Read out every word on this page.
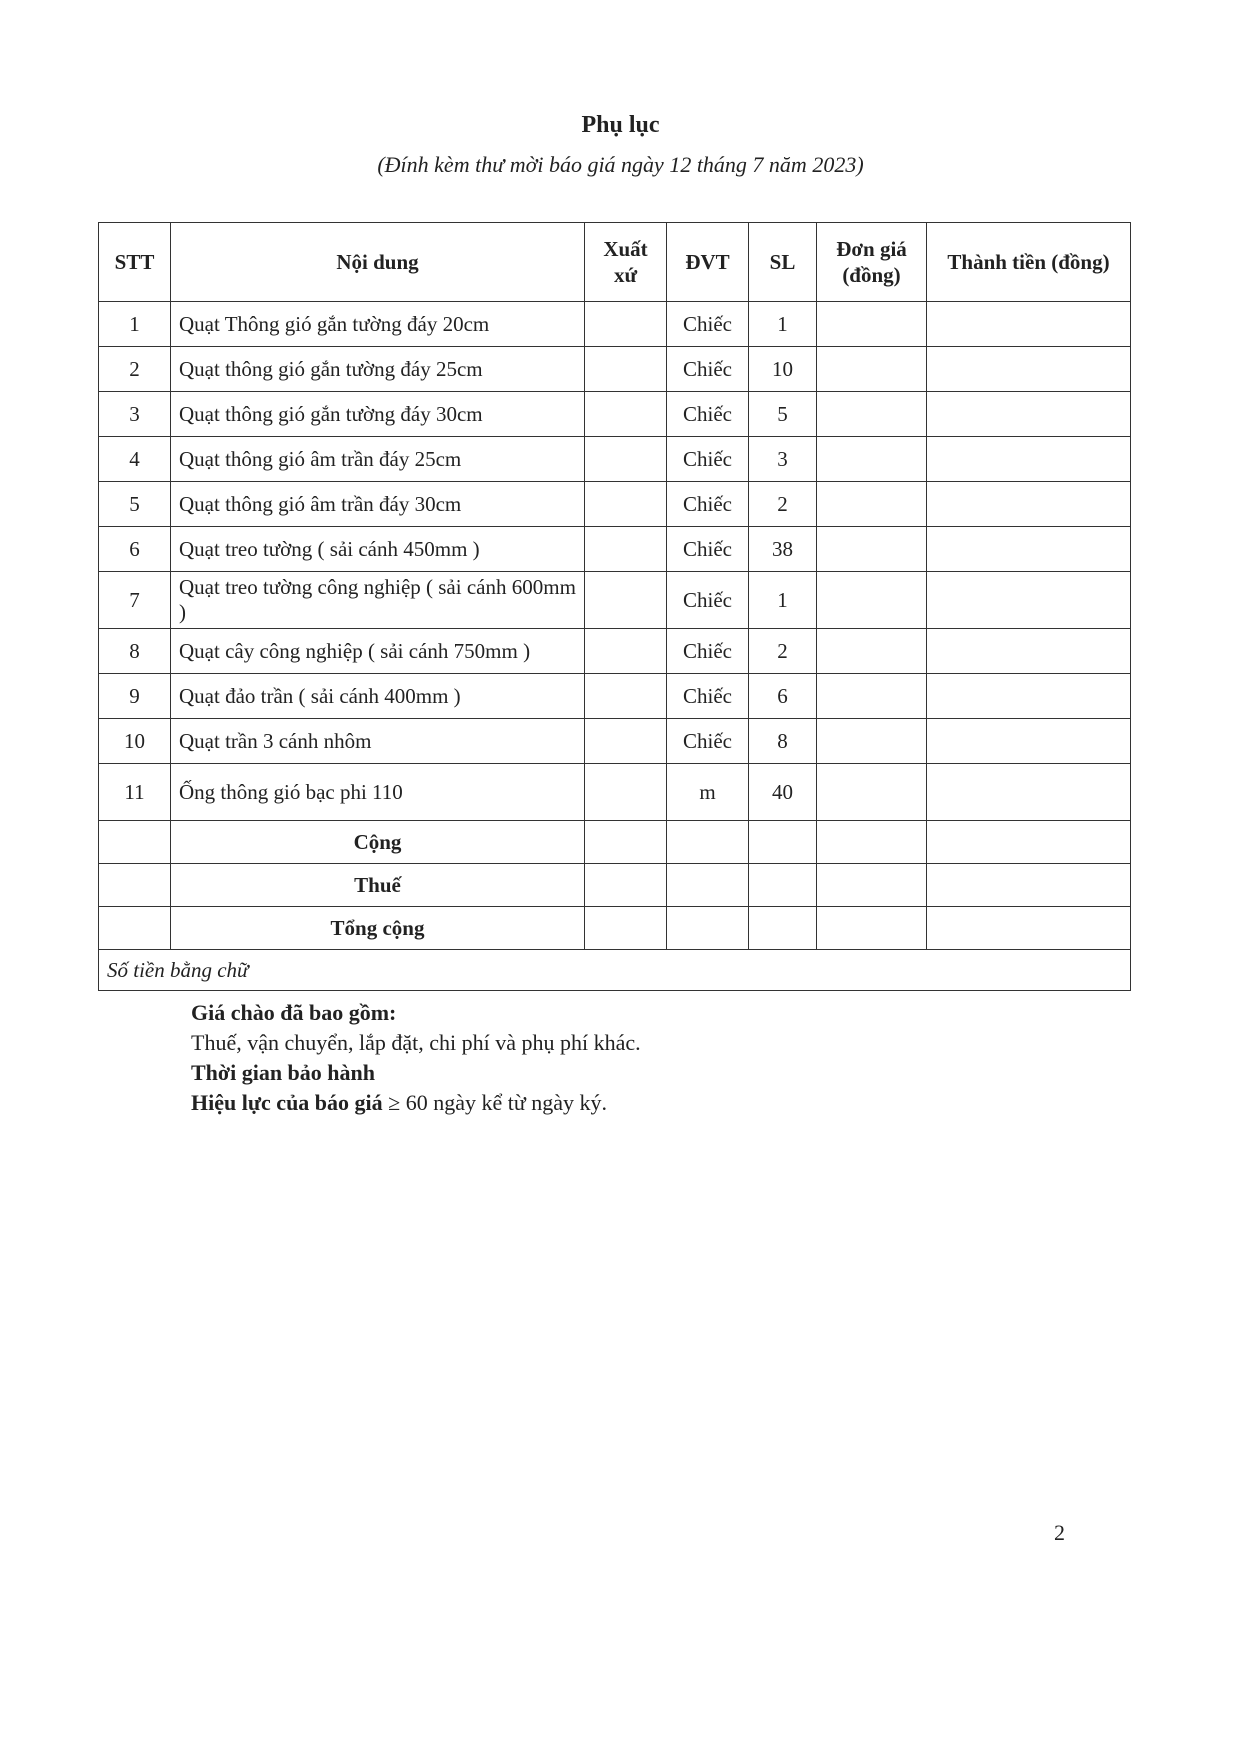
Phụ lục
(Đính kèm thư mời báo giá ngày 12 tháng 7 năm 2023)
STT	Nội dung	Xuất xứ	ĐVT	SL	Đơn giá (đồng)	Thành tiền (đồng)
1	Quạt Thông gió gắn tường đáy 20cm		Chiếc	1		
2	Quạt thông gió gắn tường đáy 25cm		Chiếc	10		
3	Quạt thông gió gắn tường đáy 30cm		Chiếc	5		
4	Quạt thông gió âm trần đáy 25cm		Chiếc	3		
5	Quạt thông gió âm trần đáy 30cm		Chiếc	2		
6	Quạt treo tường ( sải cánh 450mm )		Chiếc	38		
7	Quạt treo tường công nghiệp ( sải cánh 600mm )		Chiếc	1		
8	Quạt cây công nghiệp ( sải cánh 750mm )		Chiếc	2		
9	Quạt đảo trần ( sải cánh 400mm )		Chiếc	6		
10	Quạt trần 3 cánh nhôm		Chiếc	8		
11	Ống thông gió bạc phi 110		m	40		
	Cộng					
	Thuế					
	Tổng cộng					
Số tiền bằng chữ						
Giá chào đã bao gồm:
Thuế, vận chuyển, lắp đặt, chi phí và phụ phí khác.
Thời gian bảo hành
Hiệu lực của báo giá ≥ 60 ngày kể từ ngày ký.
2
